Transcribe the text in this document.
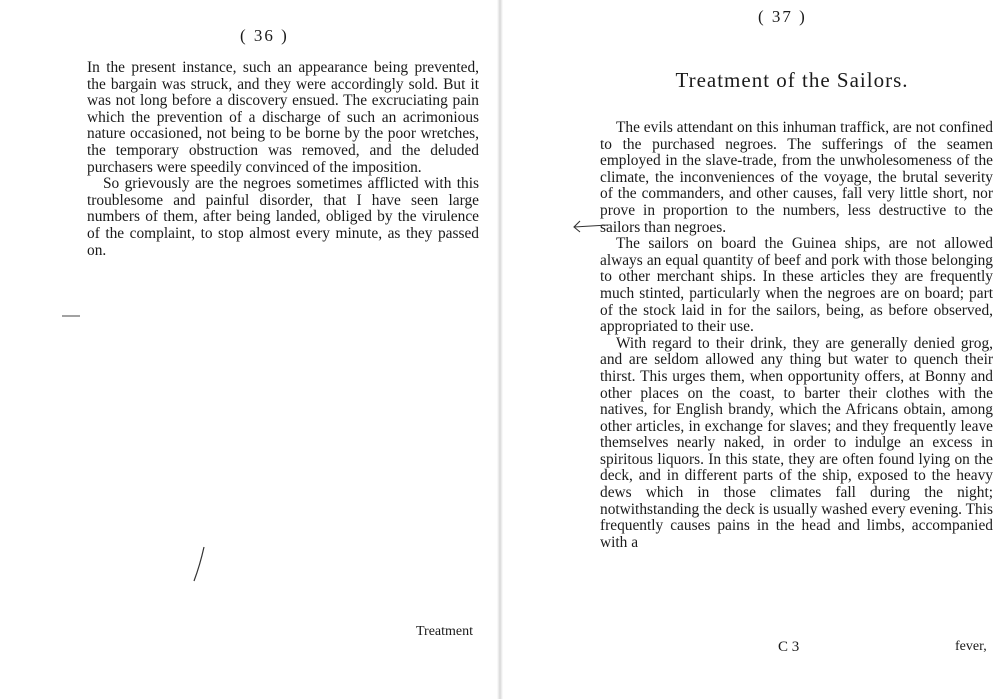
( 36 )

In the present instance, such an appearance being prevented, the bargain was struck, and they were accordingly sold. But it was not long before a discovery ensued. The excruciating pain which the prevention of a discharge of such an acrimonious nature occasioned, not being to be borne by the poor wretches, the temporary obstruction was removed, and the deluded purchasers were speedily convinced of the imposition.

So grievously are the negroes sometimes afflicted with this troublesome and painful disorder, that I have seen large numbers of them, after being landed, obliged by the virulence of the complaint, to stop almost every minute, as they passed on.

Treatment
( 37 )
Treatment of the Sailors.

The evils attendant on this inhuman traffick, are not confined to the purchased negroes. The sufferings of the seamen employed in the slave-trade, from the unwholesomeness of the climate, the inconveniences of the voyage, the brutal severity of the commanders, and other causes, fall very little short, nor prove in proportion to the numbers, less destructive to the sailors than negroes.

The sailors on board the Guinea ships, are not allowed always an equal quantity of beef and pork with those belonging to other merchant ships. In these articles they are frequently much stinted, particularly when the negroes are on board; part of the stock laid in for the sailors, being, as before observed, appropriated to their use.

With regard to their drink, they are generally denied grog, and are seldom allowed any thing but water to quench their thirst. This urges them, when opportunity offers, at Bonny and other places on the coast, to barter their clothes with the natives, for English brandy, which the Africans obtain, among other articles, in exchange for slaves; and they frequently leave themselves nearly naked, in order to indulge an excess in spiritous liquors. In this state, they are often found lying on the deck, and in different parts of the ship, exposed to the heavy dews which in those climates fall during the night; notwithstanding the deck is usually washed every evening. This frequently causes pains in the head and limbs, accompanied with a

C 3	fever,
